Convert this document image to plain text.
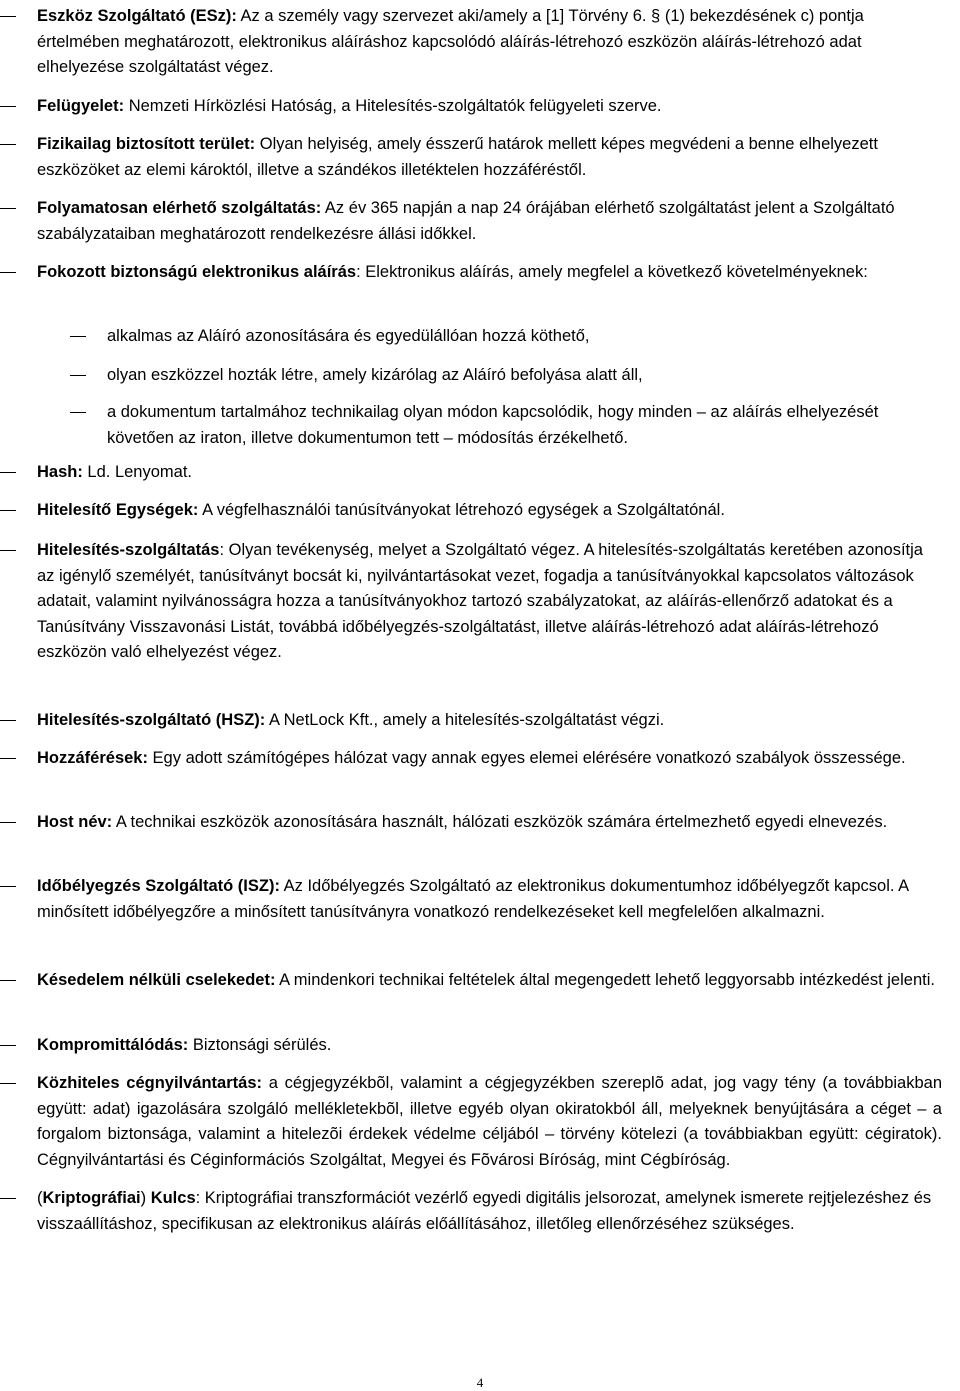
Eszköz Szolgáltató (ESz): Az a személy vagy szervezet aki/amely a [1] Törvény 6. § (1) bekezdésének c) pontja értelmében meghatározott, elektronikus aláíráshoz kapcsolódó aláírás-létrehozó eszközön aláírás-létrehozó adat elhelyezése szolgáltatást végez.
Felügyelet: Nemzeti Hírközlési Hatóság, a Hitelesítés-szolgáltatók felügyeleti szerve.
Fizikailag biztosított terület: Olyan helyiség, amely ésszerű határok mellett képes megvédeni a benne elhelyezett eszközöket az elemi károktól, illetve a szándékos illetéktelen hozzáféréstől.
Folyamatosan elérhető szolgáltatás: Az év 365 napján a nap 24 órájában elérhető szolgáltatást jelent a Szolgáltató szabályzataiban meghatározott rendelkezésre állási időkkel.
Fokozott biztonságú elektronikus aláírás: Elektronikus aláírás, amely megfelel a következő követelményeknek:
alkalmas az Aláíró azonosítására és egyedülállóan hozzá köthető,
olyan eszközzel hozták létre, amely kizárólag az Aláíró befolyása alatt áll,
a dokumentum tartalmához technikailag olyan módon kapcsolódik, hogy minden – az aláírás elhelyezését követően az iraton, illetve dokumentumon tett – módosítás érzékelhető.
Hash: Ld. Lenyomat.
Hitelesítő Egységek: A végfelhasználói tanúsítványokat létrehozó egységek a Szolgáltatónál.
Hitelesítés-szolgáltatás: Olyan tevékenység, melyet a Szolgáltató végez. A hitelesítés-szolgáltatás keretében azonosítja az igénylő személyét, tanúsítványt bocsát ki, nyilvántartásokat vezet, fogadja a tanúsítványokkal kapcsolatos változások adatait, valamint nyilvánosságra hozza a tanúsítványokhoz tartozó szabályzatokat, az aláírás-ellenőrző adatokat és a Tanúsítvány Visszavonási Listát, továbbá időbélyegzés-szolgáltatást, illetve aláírás-létrehozó adat aláírás-létrehozó eszközön való elhelyezést végez.
Hitelesítés-szolgáltató (HSZ): A NetLock Kft., amely a hitelesítés-szolgáltatást végzi.
Hozzáférések: Egy adott számítógépes hálózat vagy annak egyes elemei elérésére vonatkozó szabályok összessége.
Host név: A technikai eszközök azonosítására használt, hálózati eszközök számára értelmezhető egyedi elnevezés.
Időbélyegzés Szolgáltató (ISZ): Az Időbélyegzés Szolgáltató az elektronikus dokumentumhoz időbélyegzőt kapcsol. A minősített időbélyegzőre a minősített tanúsítványra vonatkozó rendelkezéseket kell megfelelően alkalmazni.
Késedelem nélküli cselekedet: A mindenkori technikai feltételek által megengedett lehető leggyorsabb intézkedést jelenti.
Kompromittálódás: Biztonsági sérülés.
Közhiteles cégnyilvántartás: a cégjegyzékbõl, valamint a cégjegyzékben szereplõ adat, jog vagy tény (a továbbiakban együtt: adat) igazolására szolgáló mellékletekbõl, illetve egyéb olyan okiratokból áll, melyeknek benyújtására a céget – a forgalom biztonsága, valamint a hitelezõi érdekek védelme céljából – törvény kötelezi (a továbbiakban együtt: cégiratok). Cégnyilvántartási és Céginformációs Szolgáltat, Megyei és Fõvárosi Bíróság, mint Cégbíróság.
(Kriptográfiai) Kulcs: Kriptográfiai transzformációt vezérlő egyedi digitális jelsorozat, amelynek ismerete rejtjelezéshez és visszaállításhoz, specifikusan az elektronikus aláírás előállításához, illetőleg ellenőrzéséhez szükséges.
4
